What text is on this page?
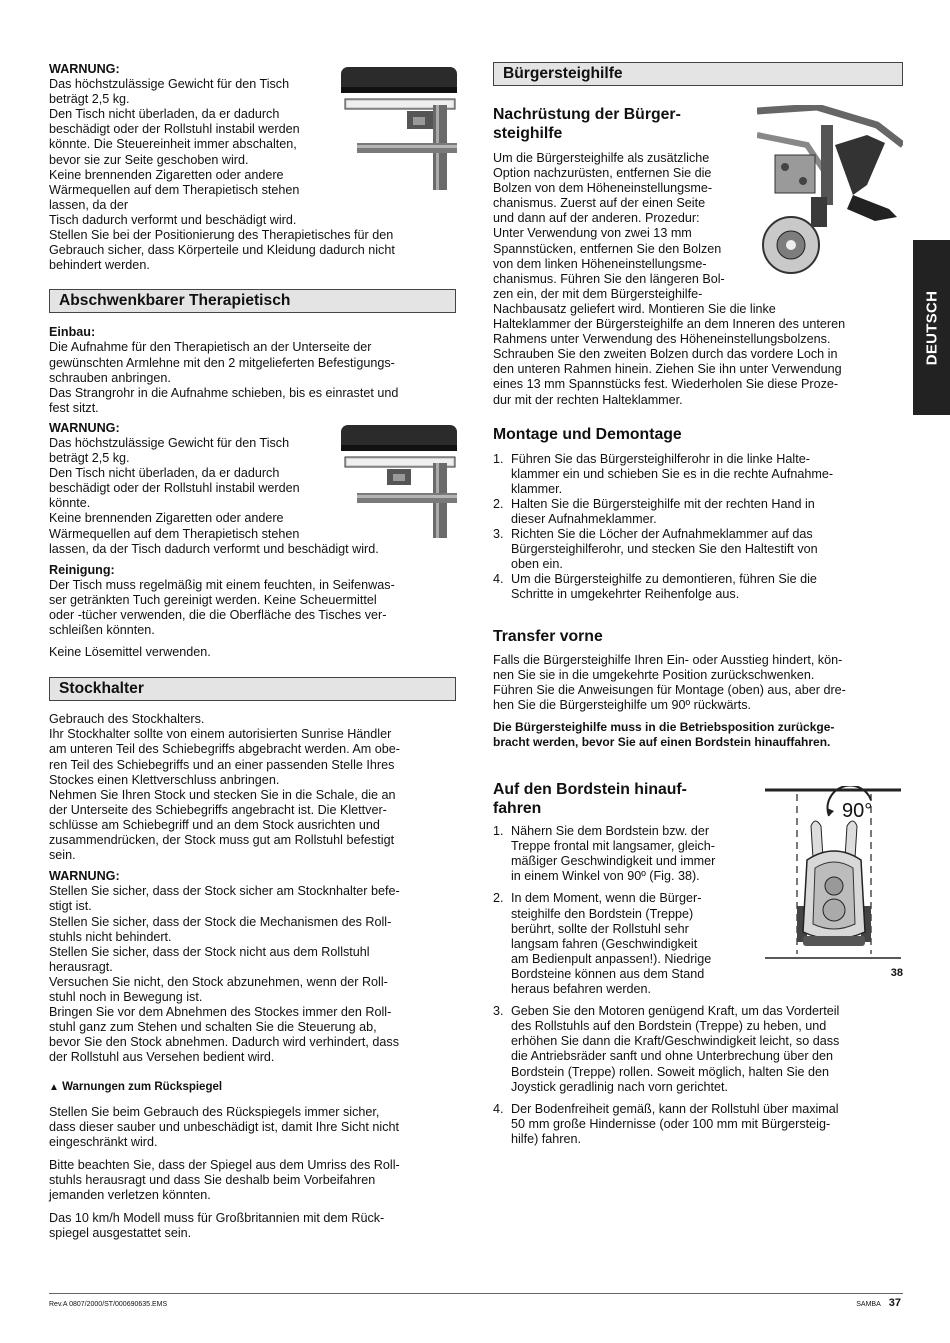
WARNUNG:

Das höchstzulässige Gewicht für den Tisch

beträgt 2,5 kg.

Den Tisch nicht überladen, da er dadurch

beschädigt oder der Rollstuhl instabil werden

könnte. Die Steuereinheit immer abschalten,

bevor sie zur Seite geschoben wird.

Keine brennenden Zigaretten oder andere

Wärmequellen auf dem Therapietisch stehen lassen, da der

Tisch dadurch verformt und beschädigt wird.

Stellen Sie bei der Positionierung des Therapietisches für den

Gebrauch sicher, dass Körperteile und Kleidung dadurch nicht

behindert werden.

Abschwenkbarer Therapietisch

Einbau:

Die Aufnahme für den Therapietisch an der Unterseite der

gewünschten Armlehne mit den 2 mitgelieferten Befestigungs-

schrauben anbringen.

Das Strangrohr in die Aufnahme schieben, bis es einrastet und

fest sitzt.

WARNUNG:

Das höchstzulässige Gewicht für den Tisch

beträgt 2,5 kg.

Den Tisch nicht überladen, da er dadurch

beschädigt oder der Rollstuhl instabil werden

könnte.

Keine brennenden Zigaretten oder andere

Wärmequellen auf dem Therapietisch stehen

lassen, da der Tisch dadurch verformt und beschädigt wird.

Reinigung:

Der Tisch muss regelmäßig mit einem feuchten, in Seifenwas-

ser getränkten Tuch gereinigt werden. Keine Scheuermittel

oder -tücher verwenden, die die Oberfläche des Tisches ver-

schleißen könnten.

Keine Lösemittel verwenden.

Stockhalter

Gebrauch des Stockhalters.

Ihr Stockhalter sollte von einem autorisierten Sunrise Händler

am unteren Teil des Schiebegriffs abgebracht werden. Am obe-

ren Teil des Schiebegriffs und an einer passenden Stelle Ihres

Stockes einen Klettverschluss anbringen.

Nehmen Sie Ihren Stock und stecken Sie in die Schale, die an

der Unterseite des Schiebegriffs angebracht ist. Die Klettver-

schlüsse am Schiebegriff und an dem Stock ausrichten und

zusammendrücken, der Stock muss gut am Rollstuhl befestigt

sein.

WARNUNG:

Stellen Sie sicher, dass der Stock sicher am Stocknhalter befe-

stigt ist.

Stellen Sie sicher, dass der Stock die Mechanismen des Roll-

stuhls nicht behindert.

Stellen Sie sicher, dass der Stock nicht aus dem Rollstuhl

herausragt.

Versuchen Sie nicht, den Stock abzunehmen, wenn der Roll-

stuhl noch in Bewegung ist.

Bringen Sie vor dem Abnehmen des Stockes immer den Roll-

stuhl ganz zum Stehen und schalten Sie die Steuerung ab,

bevor Sie den Stock abnehmen. Dadurch wird verhindert, dass

der Rollstuhl aus Versehen bedient wird.

▲ Warnungen zum Rückspiegel

Stellen Sie beim Gebrauch des Rückspiegels immer sicher,

dass dieser sauber und unbeschädigt ist, damit Ihre Sicht nicht

eingeschränkt wird.

Bitte beachten Sie, dass der Spiegel aus dem Umriss des Roll-

stuhls herausragt und dass Sie deshalb beim Vorbeifahren

jemanden verletzen könnten.

Das 10 km/h Modell muss für Großbritannien mit dem Rück-

spiegel ausgestattet sein.

Bürgersteighilfe

Nachrüstung der Bürger-
steighilfe

Um die Bürgersteighilfe als zusätzliche

Option nachzurüsten, entfernen Sie die

Bolzen von dem Höheneinstellungsme-

chanismus. Zuerst auf der einen Seite

und dann auf der anderen. Prozedur:

Unter Verwendung von zwei 13 mm

Spannstücken, entfernen Sie den Bolzen

von dem linken Höheneinstellungsme-

chanismus. Führen Sie den längeren Bol-

zen ein, der mit dem Bürgersteighilfe-

Nachbausatz geliefert wird. Montieren Sie die linke

Halteklammer der Bürgersteighilfe an dem Inneren des unteren

Rahmens unter Verwendung des Höheneinstellungsbolzens.

Schrauben Sie den zweiten Bolzen durch das vordere Loch in

den unteren Rahmen hinein. Ziehen Sie ihn unter Verwendung

eines 13 mm Spannstücks fest. Wiederholen Sie diese Proze-

dur mit der rechten Halteklammer.

Montage und Demontage

1. Führen Sie das Bürgersteighilferohr in die linke Halte-

klammer ein und schieben Sie es in die rechte Aufnahme-

klammer.

2. Halten Sie die Bürgersteighilfe mit der rechten Hand in

dieser Aufnahmeklammer.

3. Richten Sie die Löcher der Aufnahmeklammer auf das

Bürgersteighilferohr, und stecken Sie den Haltestift von

oben ein.

4. Um die Bürgersteighilfe zu demontieren, führen Sie die

Schritte in umgekehrter Reihenfolge aus.

Transfer vorne

Falls die Bürgersteighilfe Ihren Ein- oder Ausstieg hindert, kön-

nen Sie sie in die umgekehrte Position zurückschwenken.

Führen Sie die Anweisungen für Montage (oben) aus, aber dre-

hen Sie die Bürgersteighilfe um 90º rückwärts.

Die Bürgersteighilfe muss in die Betriebsposition zurückge-

bracht werden, bevor Sie auf einen Bordstein hinauffahren.

90°
38

Auf den Bordstein hinauf-
fahren

1. Nähern Sie dem Bordstein bzw. der

Treppe frontal mit langsamer, gleich-

mäßiger Geschwindigkeit und immer

in einem Winkel von 90º (Fig. 38).

2. In dem Moment, wenn die Bürger-

steighilfe den Bordstein (Treppe)

berührt, sollte der Rollstuhl sehr

langsam fahren (Geschwindigkeit

am Bedienpult anpassen!). Niedrige

Bordsteine können aus dem Stand

heraus befahren werden.

3. Geben Sie den Motoren genügend Kraft, um das Vorderteil

des Rollstuhls auf den Bordstein (Treppe) zu heben, und

erhöhen Sie dann die Kraft/Geschwindigkeit leicht, so dass

die Antriebsräder sanft und ohne Unterbrechung über den

Bordstein (Treppe) rollen. Soweit möglich, halten Sie den

Joystick geradlinig nach vorn gerichtet.

4. Der Bodenfreiheit gemäß, kann der Rollstuhl über maximal

50 mm große Hindernisse (oder 100 mm mit Bürgersteig-

hilfe) fahren.

DEUTSCH
Rev.A 0807/2000/ST/000690635.EMS	SAMBA 37
